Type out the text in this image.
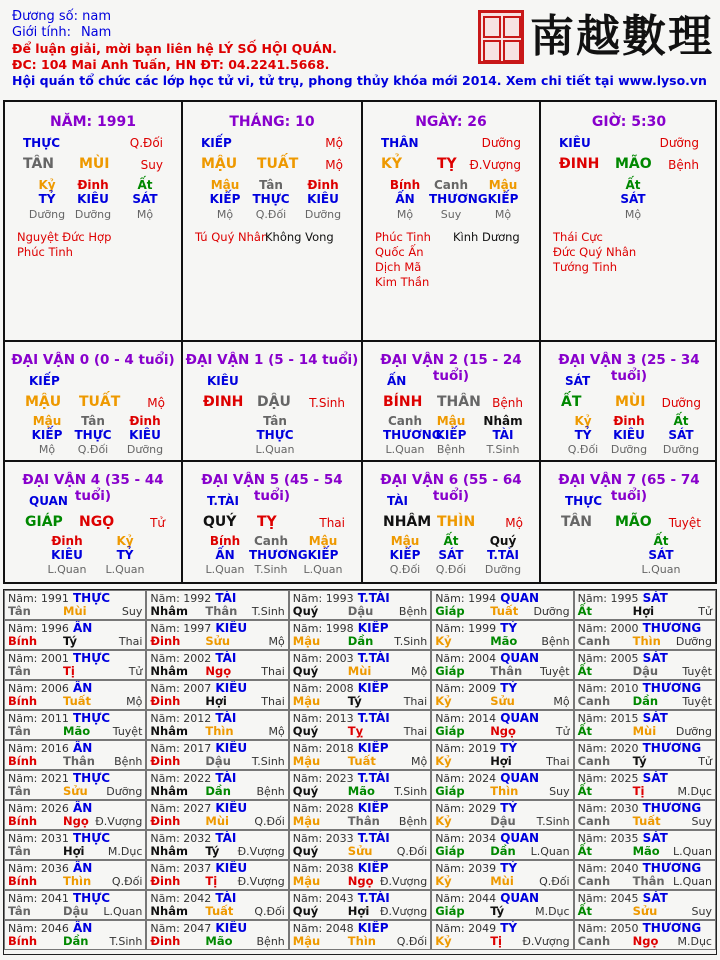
Đương số: nam
Giới tính: Nam
Để luận giải, mời bạn liên hệ LÝ SỐ HỘI QUÁN.
ĐC: 104 Mai Anh Tuấn, HN ĐT: 04.2241.5668.
Hội quán tổ chức các lớp học tử vi, tử trụ, phong thủy khóa mới 2014. Xem chi tiết tại www.lyso.vn
南越數理
NĂM: 1991
THỰC	Q.Đối
TÂN MÙI	Suy
Kỷ
TỶ
Dưỡng
Đinh
KIÊU
Dưỡng
Ất
SÁT
Mộ
Nguyệt Đức Hợp
Phúc Tinh
THÁNG: 10
KIẾP	Mộ
MẬU TUẤT Mộ
Mậu
KIẾP
Mộ
Tân
THỰC
Q.Đối
Đinh
KIÊU
Dưỡng
Tú Quý Nhân
Không Vong
NGÀY: 26
THÂN	Dưỡng
KỶ	TỴ Đ.Vượng
Bính
ẤN
Mộ
Canh
THƯƠNG
Suy
Mậu
KIẾP
Mộ
Phúc Tinh
Quốc Ấn
Dịch Mã
Kim Thần
Kình Dương
GIỜ: 5:30
KIÊU	Dưỡng
ĐINH MÃO Bệnh
Ất
SÁT
Mộ
Thái Cực
Đức Quý Nhân
Tướng Tinh
ĐẠI VẬN 0 (0 - 4 tuổi)
KIẾP
MẬU TUẤT Mộ
Mậu
KIẾP
Mộ
Tân
THỰC
Q.Đối
Đinh
KIÊU
Dưỡng
ĐẠI VẬN 1 (5 - 14 tuổi)
KIÊU
ĐINH DẬU T.Sinh
Tân
THỰC
L.Quan
ĐẠI VẬN 2 (15 - 24 tuổi)
ẤN
BÍNH THÂN Bệnh
Canh
THƯƠNG
L.Quan
Mậu
KIẾP
Bệnh
Nhâm
TÀI
T.Sinh
ĐẠI VẬN 3 (25 - 34 tuổi)
SÁT
ẤT MÙI Dưỡng
Kỷ
TỶ
Q.Đối
Đinh
KIÊU
Dưỡng
Ất
SÁT
Dưỡng
ĐẠI VẬN 4 (35 - 44 tuổi)
QUAN
GIÁP NGỌ	Tử
Đinh
KIÊU
L.Quan
Kỷ
TỶ
L.Quan
ĐẠI VẬN 5 (45 - 54 tuổi)
T.TÀI
QUÝ TỴ	Thai
Bính
ẤN
L.Quan
Canh
THƯƠNG
T.Sinh
Mậu
KIẾP
L.Quan
ĐẠI VẬN 6 (55 - 64 tuổi)
TÀI
NHÂM THÌN	Mộ
Mậu
KIẾP
Q.Đối
Ất
SÁT
Q.Đối
Quý
T.TÀI
Dưỡng
ĐẠI VẬN 7 (65 - 74 tuổi)
THỰC
TÂN MÃO Tuyệt
Ất
SÁT
L.Quan
Năm: 1991 THỰC
Tân	Mùi	Suy
Năm: 1992 TÀI
Nhâm Thân T.Sinh
Năm: 1993 T.TÀI
Quý	Dậu Bệnh
Năm: 1994 QUAN
Giáp Tuất Dưỡng
Năm: 1995 SÁT
Ất	Hợi	Tử
Năm: 1996 ẤN
Bính Tý	Thai
Năm: 1997 KIÊU
Đinh Sửu	Mộ
Năm: 1998 KIẾP
Mậu Dần T.Sinh
Năm: 1999 TỶ
Kỷ	Mão Bệnh
Năm: 2000 THƯƠNG
Canh Thìn Dưỡng
Năm: 2001 THỰC
Tân	Tị	Tử
Năm: 2002 TÀI
Nhâm Ngọ	Thai
Năm: 2003 T.TÀI
Quý	Mùi	Mộ
Năm: 2004 QUAN
Giáp Thân Tuyệt
Năm: 2005 SÁT
Ất	Dậu Tuyệt
Năm: 2006 ẤN
Bính Tuất	Mộ
Năm: 2007 KIÊU
Đinh Hợi	Thai
Năm: 2008 KIẾP
Mậu Tý	Thai
Năm: 2009 TỶ
Kỷ	Sửu	Mộ
Năm: 2010 THƯƠNG
Canh Dần Tuyệt
Năm: 2011 THỰC
Tân	Mão Tuyệt
Năm: 2012 TÀI
Nhâm Thìn	Mộ
Năm: 2013 T.TÀI
Quý	Tỵ	Thai
Năm: 2014 QUAN
Giáp Ngọ	Tử
Năm: 2015 SÁT
Ất	Mùi Dưỡng
Năm: 2016 ẤN
Bính Thân Bệnh
Năm: 2017 KIÊU
Đinh Dậu T.Sinh
Năm: 2018 KIẾP
Mậu Tuất	Mộ
Năm: 2019 TỶ
Kỷ	Hợi	Thai
Năm: 2020 THƯƠNG
Canh Tý	Tử
Năm: 2021 THỰC
Tân	Sửu Dưỡng
Năm: 2022 TÀI
Nhâm Dần Bệnh
Năm: 2023 T.TÀI
Quý	Mão T.Sinh
Năm: 2024 QUAN
Giáp Thìn	Suy
Năm: 2025 SÁT
Ất	Tị	M.Dục
Năm: 2026 ẤN
Bính Ngọ Đ.Vượng
Năm: 2027 KIÊU
Đinh Mùi Q.Đối
Năm: 2028 KIẾP
Mậu Thân Bệnh
Năm: 2029 TỶ
Kỷ	Dậu T.Sinh
Năm: 2030 THƯƠNG
Canh Tuất	Suy
Năm: 2031 THỰC
Tân	Hợi M.Dục
Năm: 2032 TÀI
Nhâm Tý Đ.Vượng
Năm: 2033 T.TÀI
Quý	Sửu Q.Đối
Năm: 2034 QUAN
Giáp Dần L.Quan
Năm: 2035 SÁT
Ất	Mão L.Quan
Năm: 2036 ẤN
Bính Thìn Q.Đối
Năm: 2037 KIÊU
Đinh Tị Đ.Vượng
Năm: 2038 KIẾP
Mậu Ngọ Đ.Vượng
Năm: 2039 TỶ
Kỷ	Mùi Q.Đối
Năm: 2040 THƯƠNG
Canh Thân L.Quan
Năm: 2041 THỰC
Tân	Dậu L.Quan
Năm: 2042 TÀI
Nhâm Tuất Q.Đối
Năm: 2043 T.TÀI
Quý	Hợi Đ.Vượng
Năm: 2044 QUAN
Giáp Tý	M.Dục
Năm: 2045 SÁT
Ất	Sửu	Suy
Năm: 2046 ẤN
Bính Dần T.Sinh
Năm: 2047 KIÊU
Đinh Mão Bệnh
Năm: 2048 KIẾP
Mậu Thìn Q.Đối
Năm: 2049 TỶ
Kỷ	Tị Đ.Vượng
Năm: 2050 THƯƠNG
Canh Ngọ M.Dục
